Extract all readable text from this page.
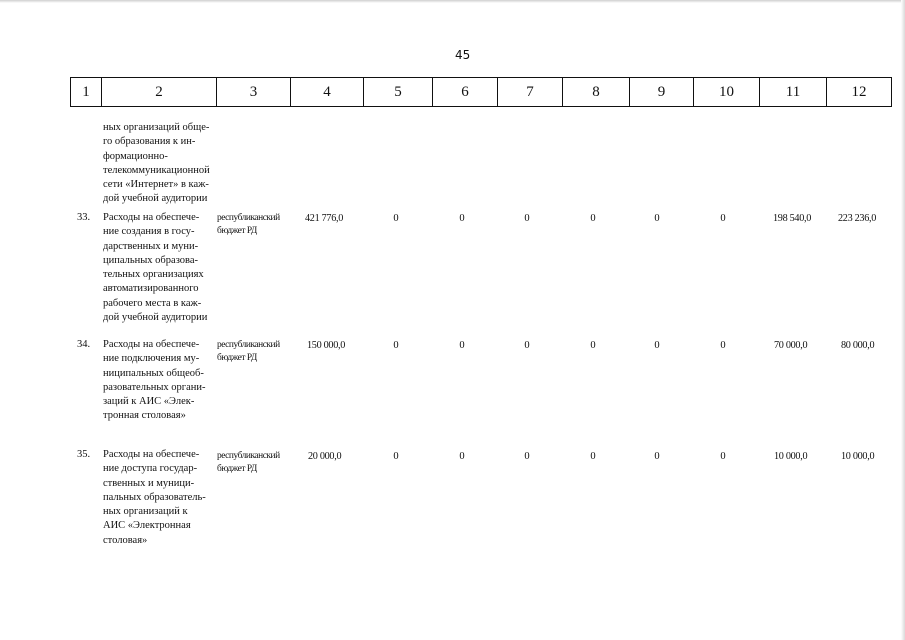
45
1	2	3	4	5	6	7	8	9	10	11	12
ных организаций обще-
го образования к ин-
формационно-
телекоммуникационной
сети «Интернет» в каж-
дой учебной аудитории
33. Расходы на обеспече-
ние создания в госу-
дарственных и муни-
ципальных образова-
тельных организациях
автоматизированного
рабочего места в каж-
дой учебной аудитории
республиканский
бюджет РД
421 776,0	0	0	0	0	0	0	198 540,0	223 236,0
34. Расходы на обеспече-
ние подключения му-
ниципальных общеоб-
разовательных органи-
заций к АИС «Элек-
тронная столовая»
республиканский
бюджет РД
150 000,0	0	0	0	0	0	0	70 000,0	80 000,0
35. Расходы на обеспече-
ние доступа государ-
ственных и муници-
пальных образователь-
ных организаций к
АИС «Электронная
столовая»
республиканский
бюджет РД
20 000,0	0	0	0	0	0	0	10 000,0	10 000,0
